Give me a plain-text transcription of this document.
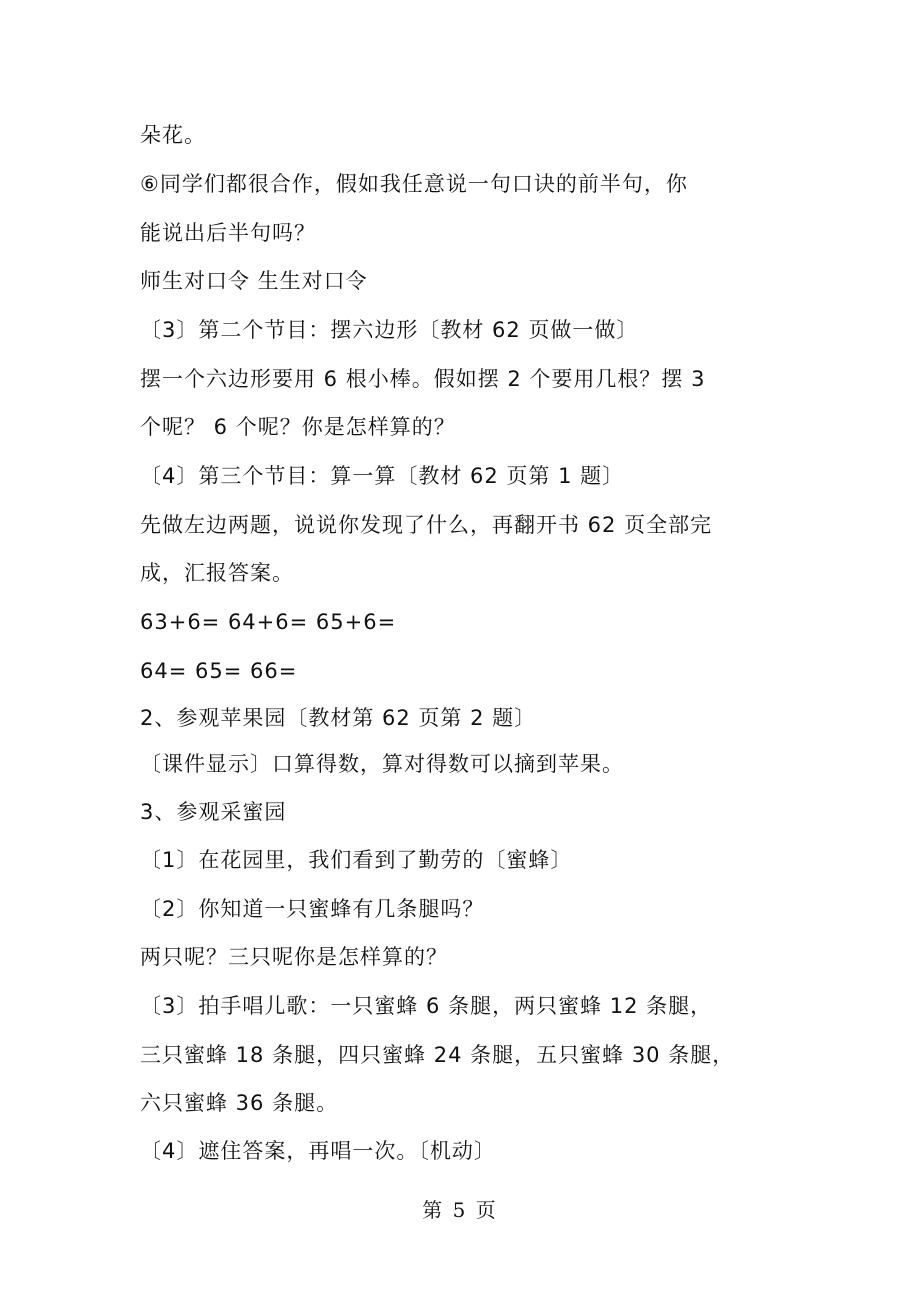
朵花。
⑥同学们都很合作，假如我任意说一句口诀的前半句，你
能说出后半句吗？
师生对口令 生生对口令
〔3〕第二个节目：摆六边形〔教材 62 页做一做〕
摆一个六边形要用 6 根小棒。假如摆 2 个要用几根？摆 3
个呢？ 6 个呢？你是怎样算的？
〔4〕第三个节目：算一算〔教材 62 页第 1 题〕
先做左边两题，说说你发现了什么，再翻开书 62 页全部完
成，汇报答案。
63+6= 64+6= 65+6=
64= 65= 66=
2、参观苹果园〔教材第 62 页第 2 题〕
〔课件显示〕口算得数，算对得数可以摘到苹果。
3、参观采蜜园
〔1〕在花园里，我们看到了勤劳的〔蜜蜂〕
〔2〕你知道一只蜜蜂有几条腿吗？
两只呢？三只呢你是怎样算的？
〔3〕拍手唱儿歌：一只蜜蜂 6 条腿，两只蜜蜂 12 条腿，
三只蜜蜂 18 条腿，四只蜜蜂 24 条腿，五只蜜蜂 30 条腿，
六只蜜蜂 36 条腿。
〔4〕遮住答案，再唱一次。〔机动〕
第 5 页
